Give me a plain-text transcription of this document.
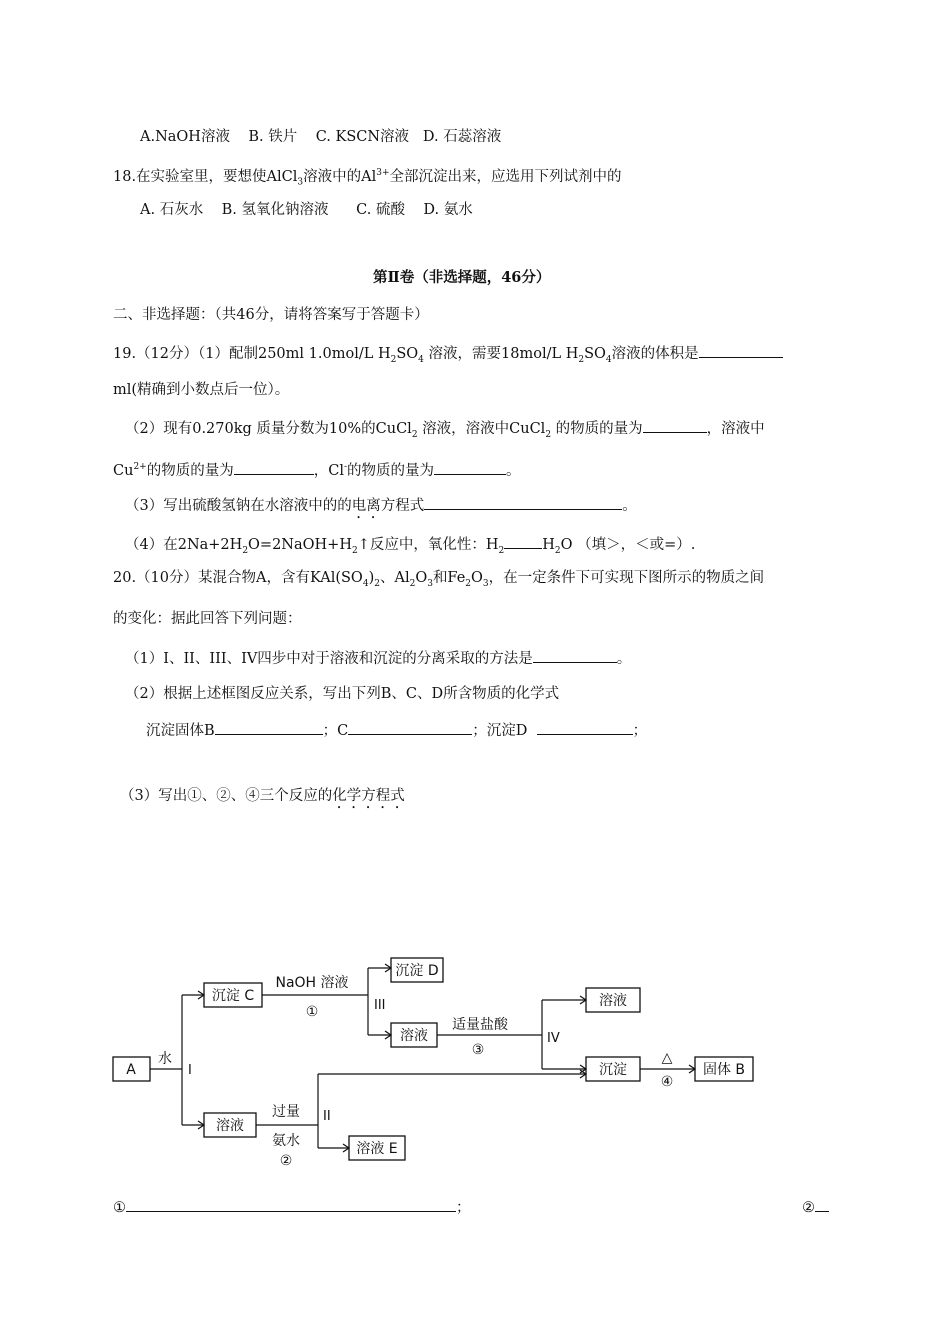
A.NaOH溶液 B. 铁片 C. KSCN溶液 D. 石蕊溶液
18.在实验室里，要想使AlCl$_3$溶液中的$Al^{3+}$全部沉淀出来，应选用下列试剂中的
A. 石灰水 B. 氢氧化钠溶液 C. 硫酸 D. 氨水
第Ⅱ卷（非选择题，46分）
二、非选择题：（共46分，请将答案写于答题卡）
19.（12分）（1）配制250ml 1.0mol/L $H_2SO_4$ 溶液，需要18mol/L $H_2SO_4$溶液的体积是
ml(精确到小数点后一位）。
（2）现有0.270kg 质量分数为10%的CuCl$_2$ 溶液，溶液中CuCl$_2$ 的物质的量为	，溶液中
$Cu^{2+}$的物质的量为	，Cl-的物质的量为	。
（3）写出硫酸氢钠在水溶液中的的电离方程式	。
（4）在$2Na+2H_2O=2NaOH+H_2↑$反应中，氧化性：$H_2$	$H_2O$ （填＞，＜或=）.
20.（10分）某混合物A，含有$KAl(SO_4)_2$、$Al_2O_3$和$Fe_2O_3$，在一定条件下可实现下图所示的物质之间
的变化：据此回答下列问题：
（1）I、II、III、IV四步中对于溶液和沉淀的分离采取的方法是	。
（2）根据上述框图反应关系，写出下列B、C、D所含物质的化学式
沉淀固体B	；C	；沉淀D	；
（3）写出①、②、④三个反应的化学方程式
A
水
I
沉淀 C
NaOH 溶液
①	III
沉淀 D
溶液
适量盐酸
③
IV
溶液
沉淀
△
④
固体 B
溶液
过量
氨水
②
II
溶液 E
①	；	②
